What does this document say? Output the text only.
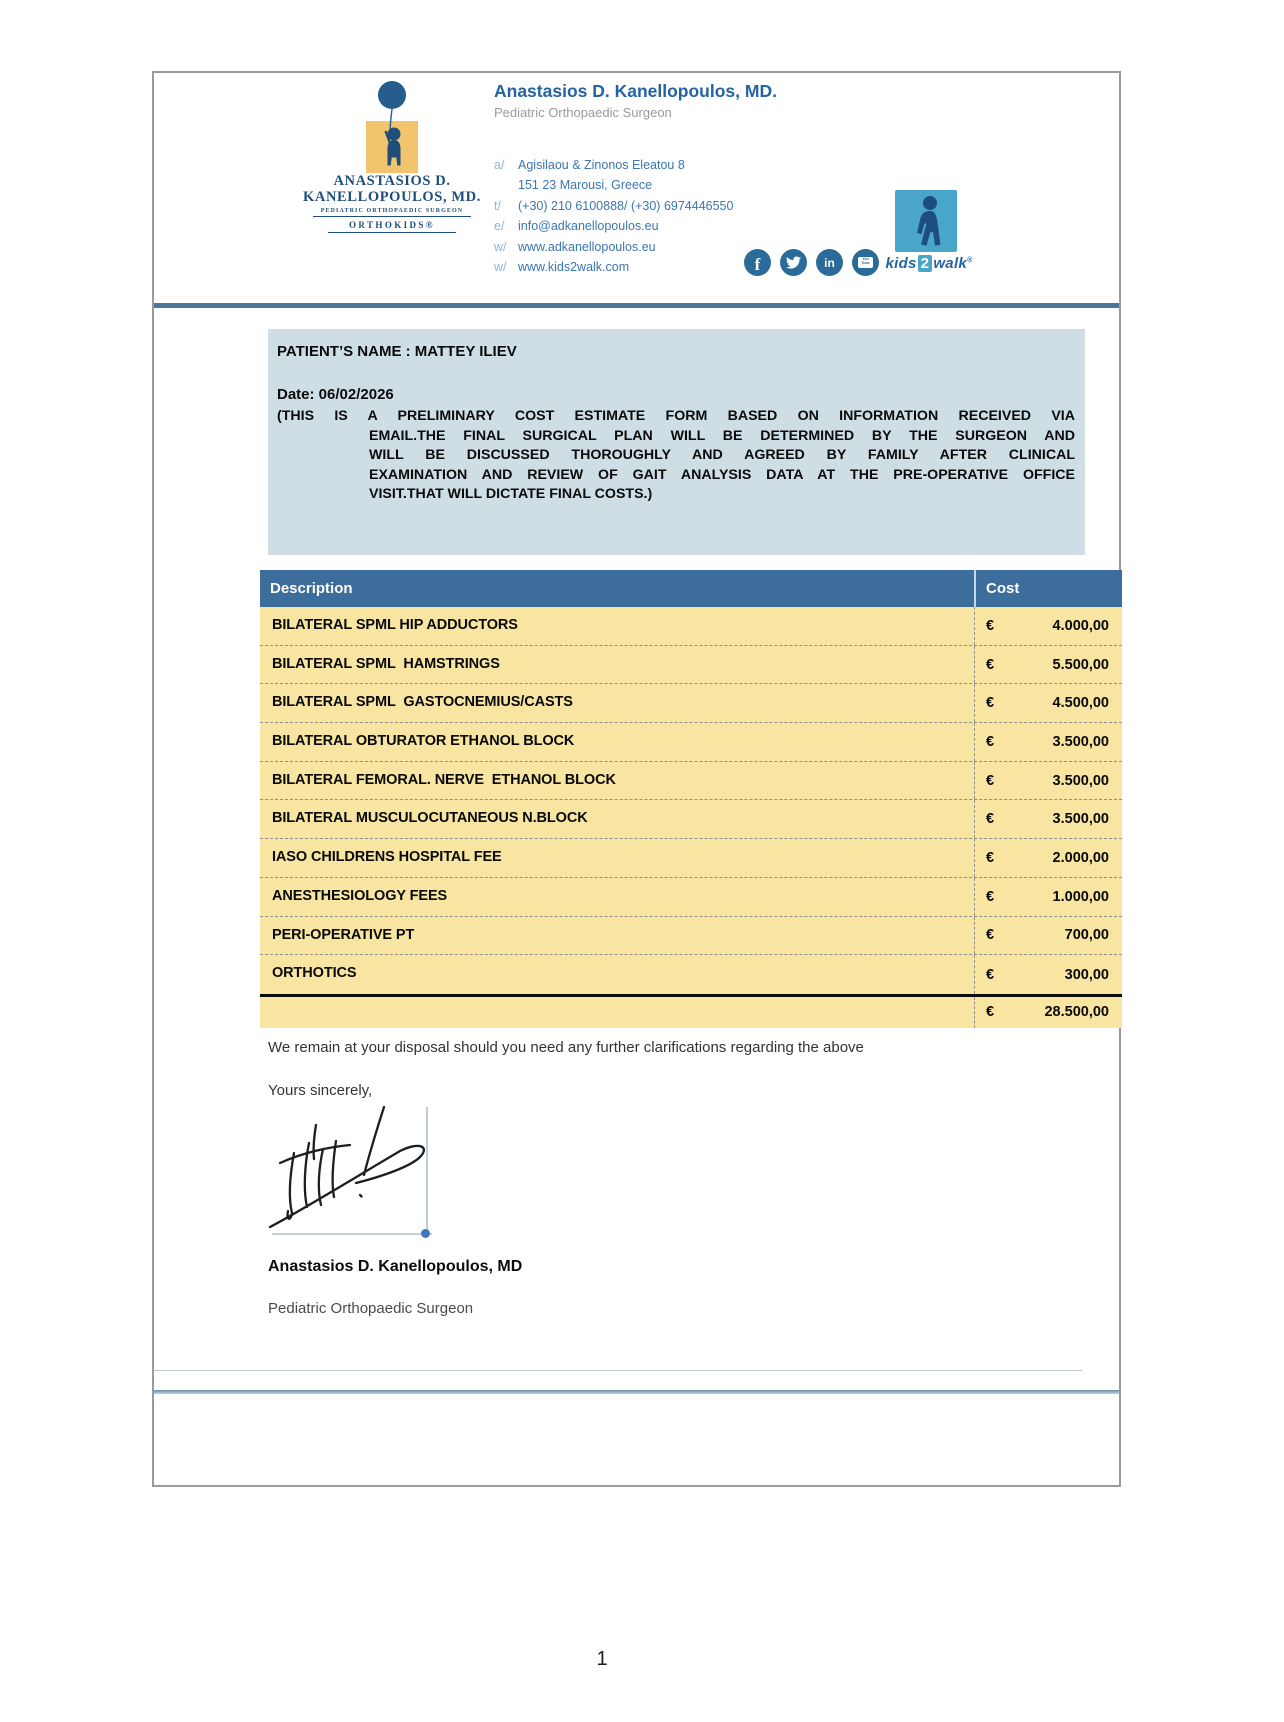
ANASTASIOS D.
KANELLOPOULOS, MD.
PEDIATRIC ORTHOPAEDIC SURGEON
ORTHOKIDS®
Anastasios D. Kanellopoulos, MD.
Pediatric Orthopaedic Surgeon
a/	Agisilaou & Zinonos Eleatou 8
151 23 Marousi, Greece
t/	(+30) 210 6100888/ (+30) 6974446550
e/	info@adkanellopoulos.eu
w/ www.adkanellopoulos.eu
w/ www.kids2walk.com	f	in	You
Tube	kids 2 walk®
PATIENT’S NAME : MATTEY ILIEV
Date: 06/02/2026
(THIS IS A PRELIMINARY COST ESTIMATE FORM BASED ON INFORMATION RECEIVED VIA
EMAIL.THE FINAL SURGICAL PLAN WILL BE DETERMINED BY THE SURGEON AND
WILL BE DISCUSSED THOROUGHLY AND AGREED BY FAMILY AFTER CLINICAL
EXAMINATION AND REVIEW OF GAIT ANALYSIS DATA AT THE PRE-OPERATIVE OFFICE
VISIT.THAT WILL DICTATE FINAL COSTS.)
Description	Cost
BILATERAL SPML HIP ADDUCTORS	€	4.000,00
BILATERAL SPML  HAMSTRINGS	€	5.500,00
BILATERAL SPML  GASTOCNEMIUS/CASTS	€	4.500,00
BILATERAL OBTURATOR ETHANOL BLOCK	€	3.500,00
BILATERAL FEMORAL. NERVE  ETHANOL BLOCK	€	3.500,00
BILATERAL MUSCULOCUTANEOUS N.BLOCK	€	3.500,00
IASO CHILDRENS HOSPITAL FEE	€	2.000,00
ANESTHESIOLOGY FEES	€	1.000,00
PERI-OPERATIVE PT	€	700,00
ORTHOTICS	€	300,00
€	28.500,00
We remain at your disposal should you need any further clarifications regarding the above
Yours sincerely,
Anastasios D. Kanellopoulos, MD
Pediatric Orthopaedic Surgeon
1
